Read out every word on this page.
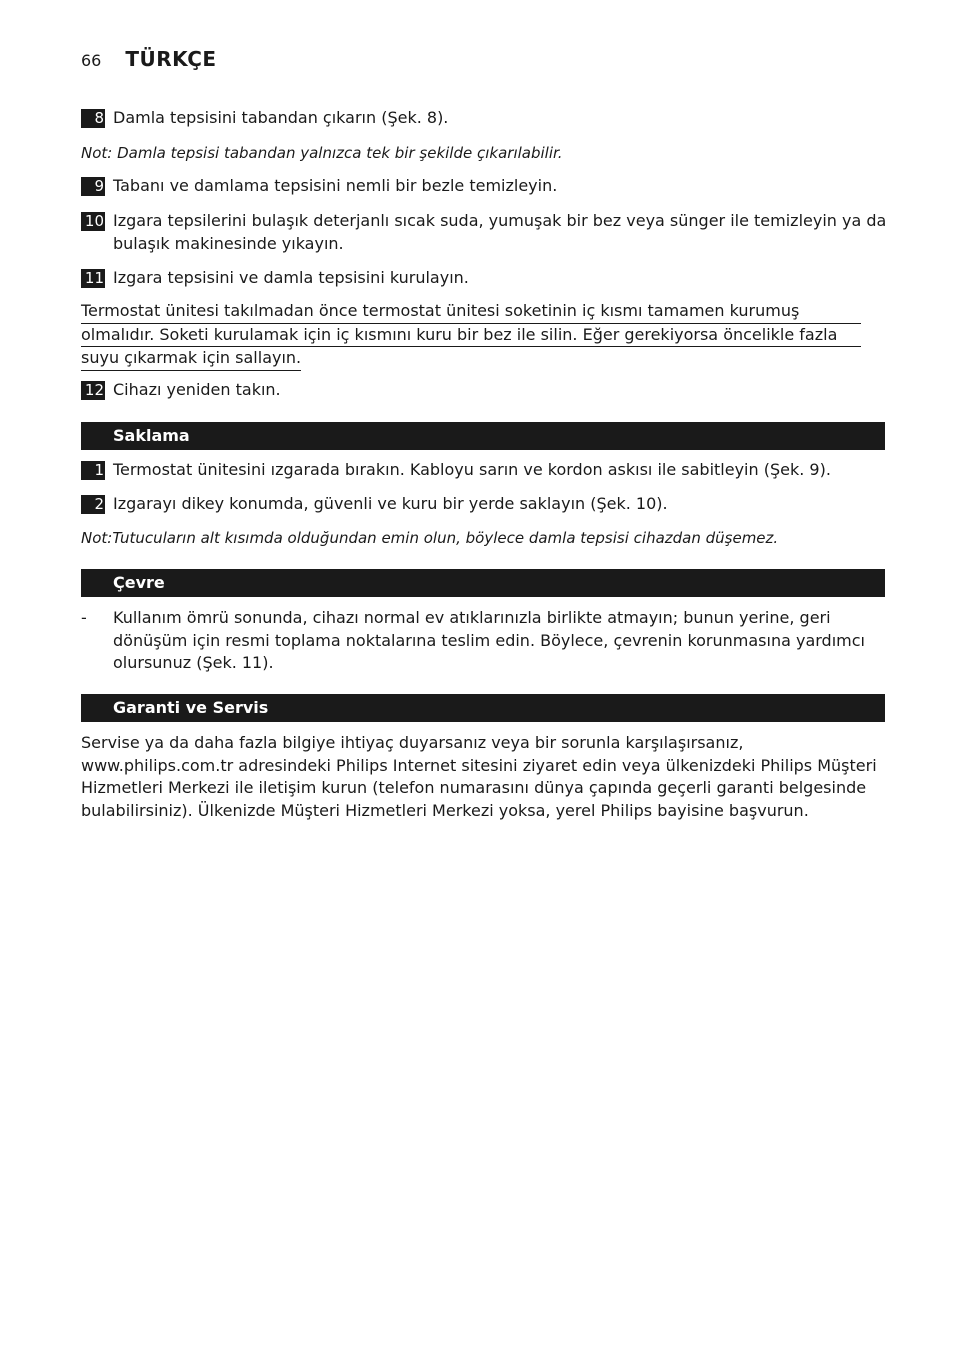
66 TÜRKÇE
8 Damla tepsisini tabandan çıkarın (Şek. 8).
Not: Damla tepsisi tabandan yalnızca tek bir şekilde çıkarılabilir.
9 Tabanı ve damlama tepsisini nemli bir bezle temizleyin.
10 Izgara tepsilerini bulaşık deterjanlı sıcak suda, yumuşak bir bez veya sünger ile temizleyin ya da bulaşık makinesinde yıkayın.
11 Izgara tepsisini ve damla tepsisini kurulayın.
Termostat ünitesi takılmadan önce termostat ünitesi soketinin iç kısmı tamamen kurumuş
olmalıdır. Soketi kurulamak için iç kısmını kuru bir bez ile silin. Eğer gerekiyorsa öncelikle fazla
suyu çıkarmak için sallayın.
12 Cihazı yeniden takın.
Saklama
1 Termostat ünitesini ızgarada bırakın. Kabloyu sarın ve kordon askısı ile sabitleyin (Şek. 9).
2 Izgarayı dikey konumda, güvenli ve kuru bir yerde saklayın (Şek. 10).
Not:Tutucuların alt kısımda olduğundan emin olun, böylece damla tepsisi cihazdan düşemez.
Çevre
-	Kullanım ömrü sonunda, cihazı normal ev atıklarınızla birlikte atmayın; bunun yerine, geri dönüşüm için resmi toplama noktalarına teslim edin. Böylece, çevrenin korunmasına yardımcı olursunuz (Şek. 11).
Garanti ve Servis
Servise ya da daha fazla bilgiye ihtiyaç duyarsanız veya bir sorunla karşılaşırsanız, www.philips.com.tr adresindeki Philips Internet sitesini ziyaret edin veya ülkenizdeki Philips Müşteri Hizmetleri Merkezi ile iletişim kurun (telefon numarasını dünya çapında geçerli garanti belgesinde bulabilirsiniz). Ülkenizde Müşteri Hizmetleri Merkezi yoksa, yerel Philips bayisine başvurun.
